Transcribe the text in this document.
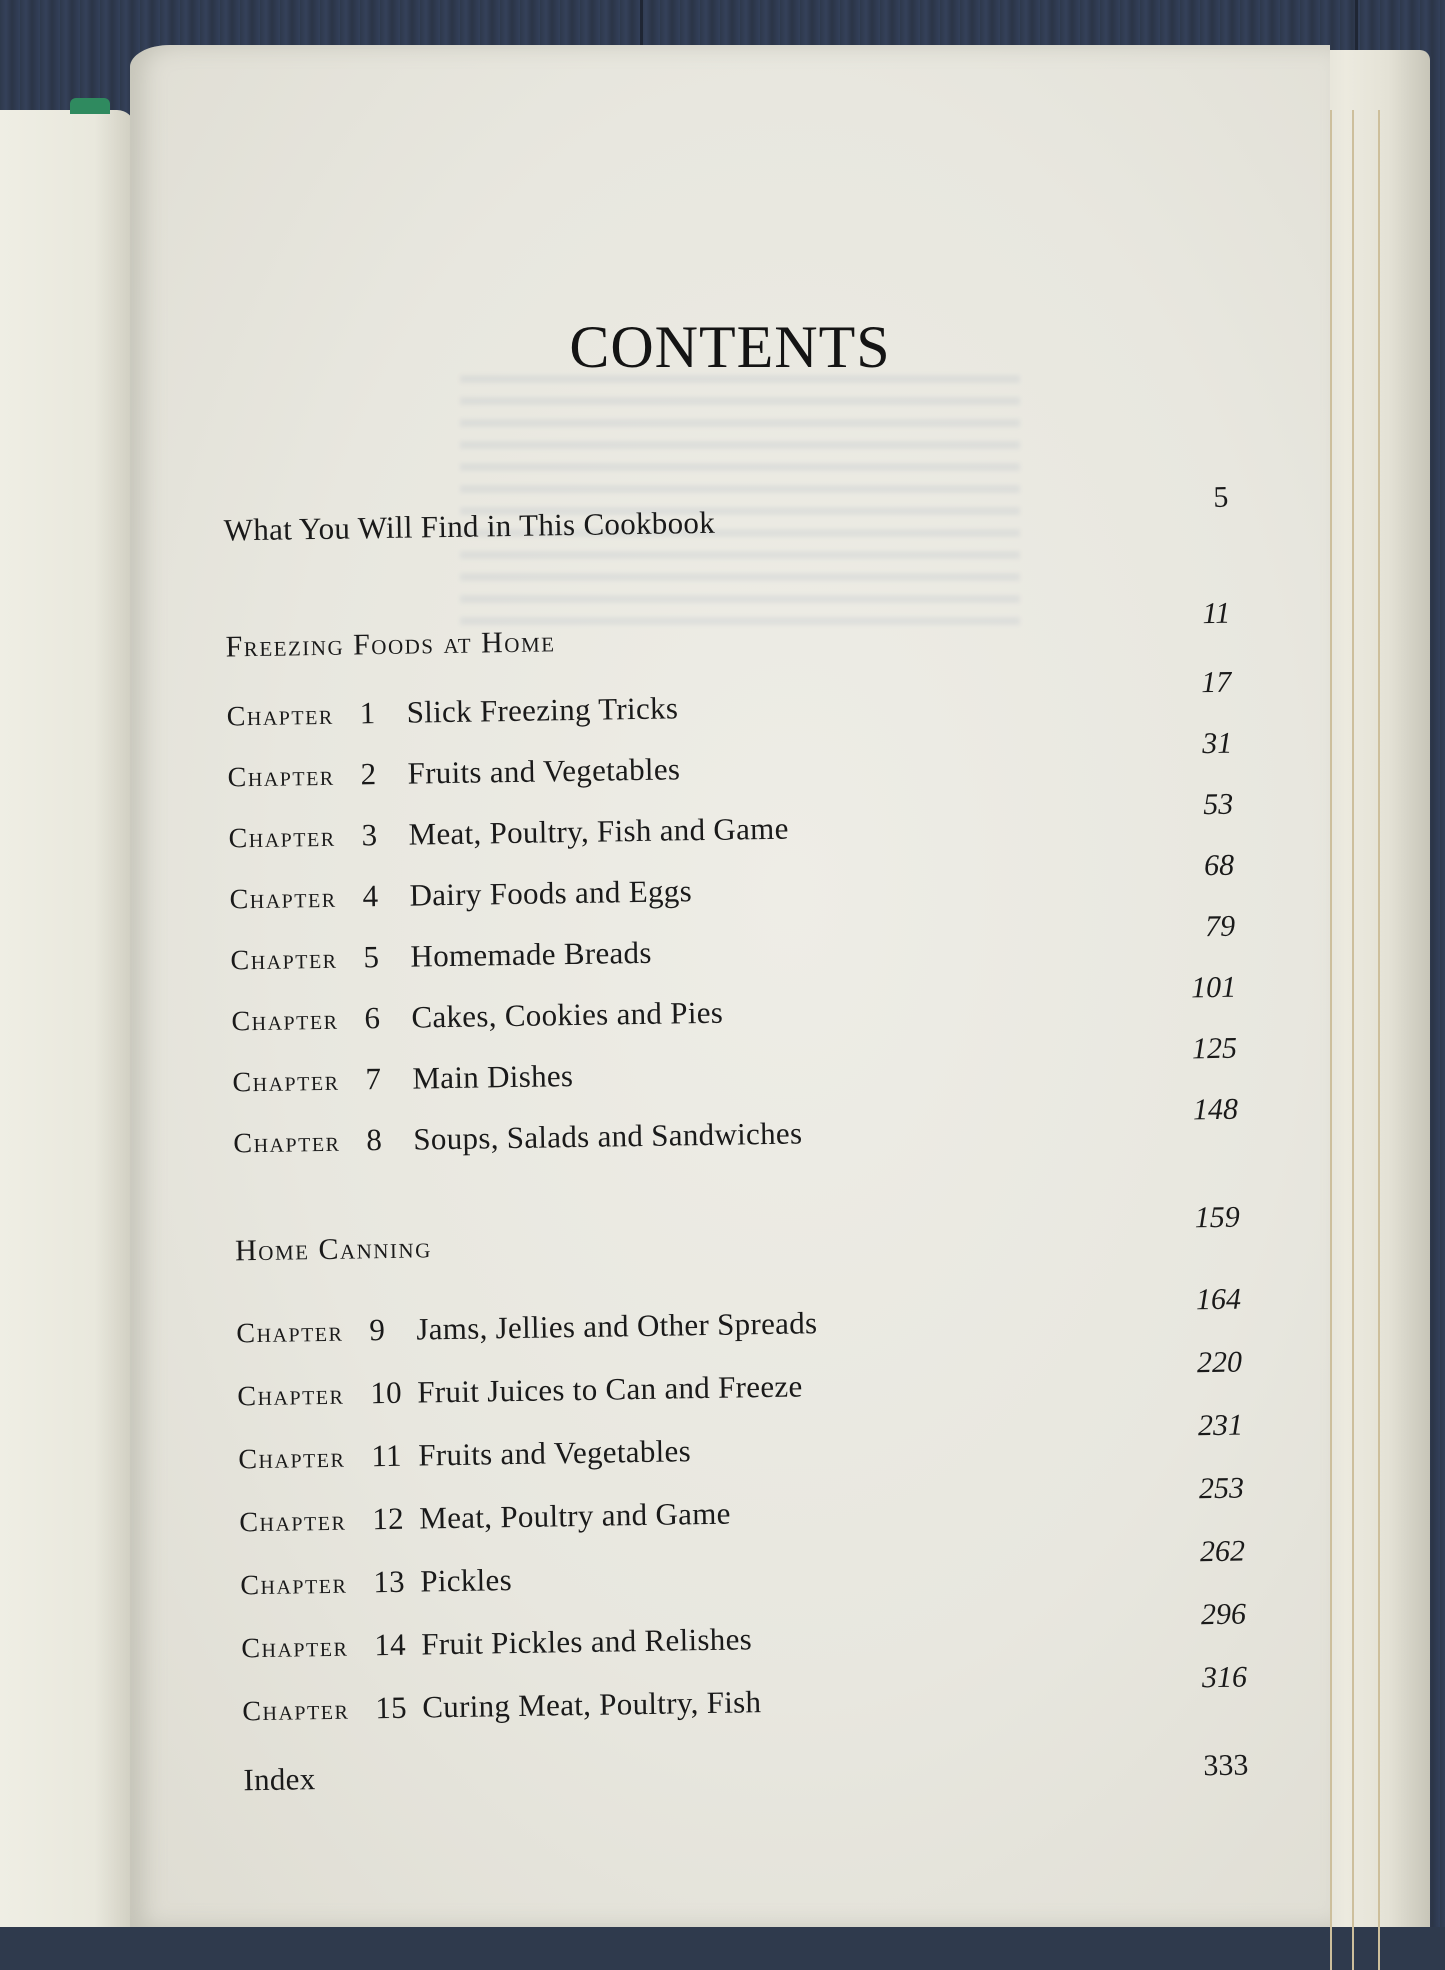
CONTENTS
What You Will Find in This Cookbook
5
Freezing Foods at Home
11
Chapter 1 Slick Freezing Tricks
17
Chapter 2 Fruits and Vegetables
31
Chapter 3 Meat, Poultry, Fish and Game
53
Chapter 4 Dairy Foods and Eggs
68
Chapter 5 Homemade Breads
79
Chapter 6 Cakes, Cookies and Pies
101
Chapter 7 Main Dishes
125
Chapter 8 Soups, Salads and Sandwiches
148
Home Canning
159
Chapter 9 Jams, Jellies and Other Spreads
164
Chapter 10 Fruit Juices to Can and Freeze
220
Chapter 11 Fruits and Vegetables
231
Chapter 12 Meat, Poultry and Game
253
Chapter 13 Pickles
262
Chapter 14 Fruit Pickles and Relishes
296
Chapter 15 Curing Meat, Poultry, Fish
316
Index	333
